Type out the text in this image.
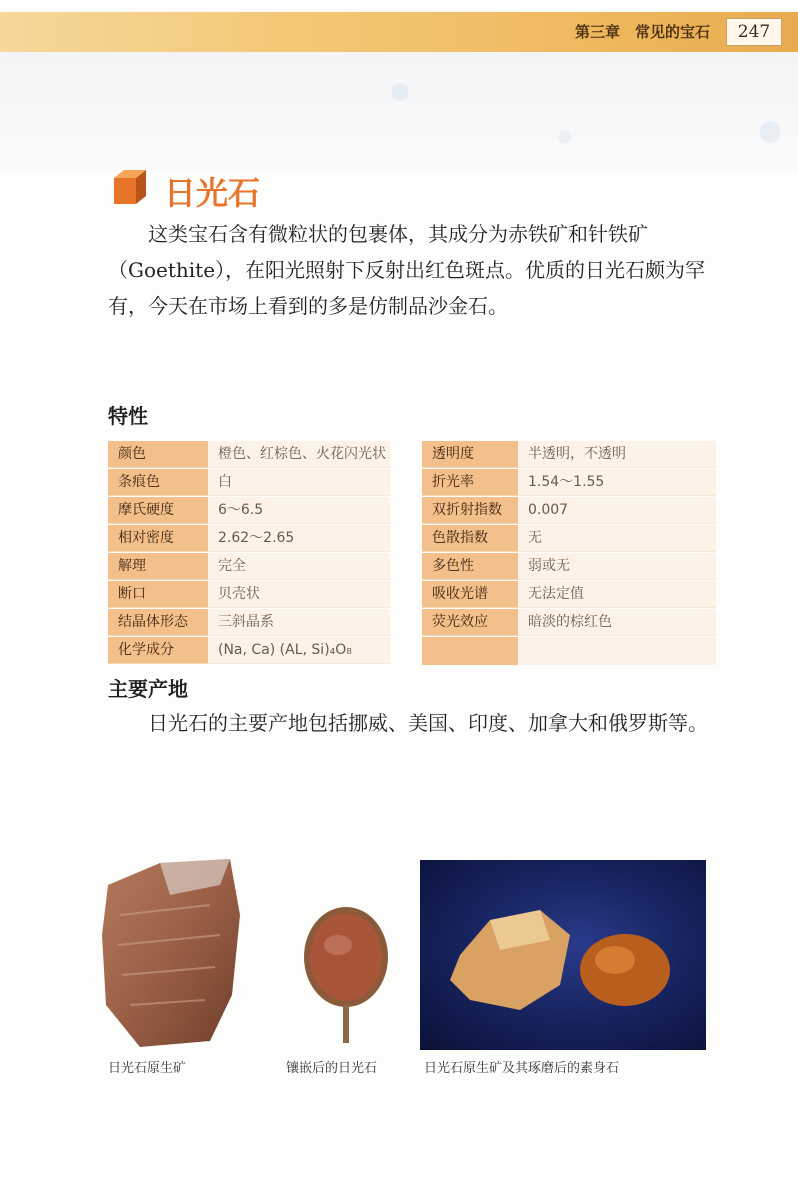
第三章　常见的宝石	247
日光石
这类宝石含有微粒状的包裹体，其成分为赤铁矿和针铁矿（Goethite），在阳光照射下反射出红色斑点。优质的日光石颇为罕有，今天在市场上看到的多是仿制品沙金石。
特性
颜色	橙色、红棕色、火花闪光状
条痕色	白
摩氏硬度	6～6.5
相对密度	2.62～2.65
解理	完全
断口	贝壳状
结晶体形态	三斜晶系
化学成分	(Na, Ca) (AL, Si)₄O₈
透明度	半透明，不透明
折光率	1.54～1.55
双折射指数	0.007
色散指数	无
多色性	弱或无
吸收光谱	无法定值
荧光效应	暗淡的棕红色
主要产地
日光石的主要产地包括挪威、美国、印度、加拿大和俄罗斯等。
日光石原生矿	镶嵌后的日光石	日光石原生矿及其琢磨后的素身石
